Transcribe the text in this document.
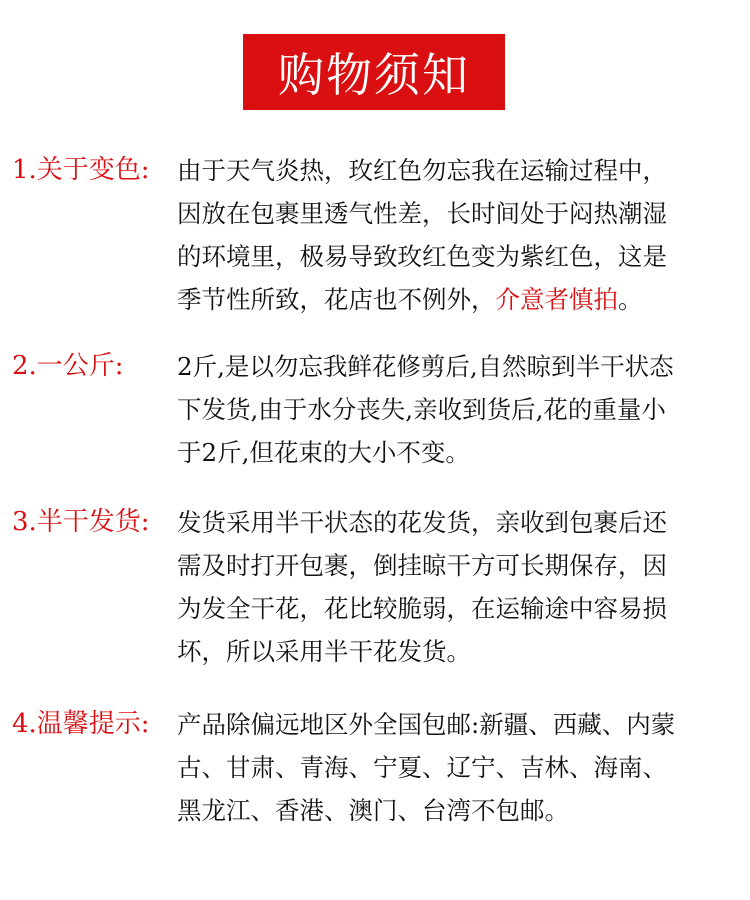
购物须知
1.关于变色:	由于天气炎热，玫红色勿忘我在运输过程中，
因放在包裹里透气性差，长时间处于闷热潮湿
的环境里，极易导致玫红色变为紫红色，这是
季节性所致，花店也不例外，介意者慎拍。
2.一公斤:	2斤,是以勿忘我鲜花修剪后,自然晾到半干状态
下发货,由于水分丧失,亲收到货后,花的重量小
于2斤,但花束的大小不变。
3.半干发货:	发货采用半干状态的花发货，亲收到包裹后还
需及时打开包裹，倒挂晾干方可长期保存，因
为发全干花，花比较脆弱，在运输途中容易损
坏，所以采用半干花发货。
4.温馨提示:	产品除偏远地区外全国包邮:新疆、西藏、内蒙
古、甘肃、青海、宁夏、辽宁、吉林、海南、
黑龙江、香港、澳门、台湾不包邮。
